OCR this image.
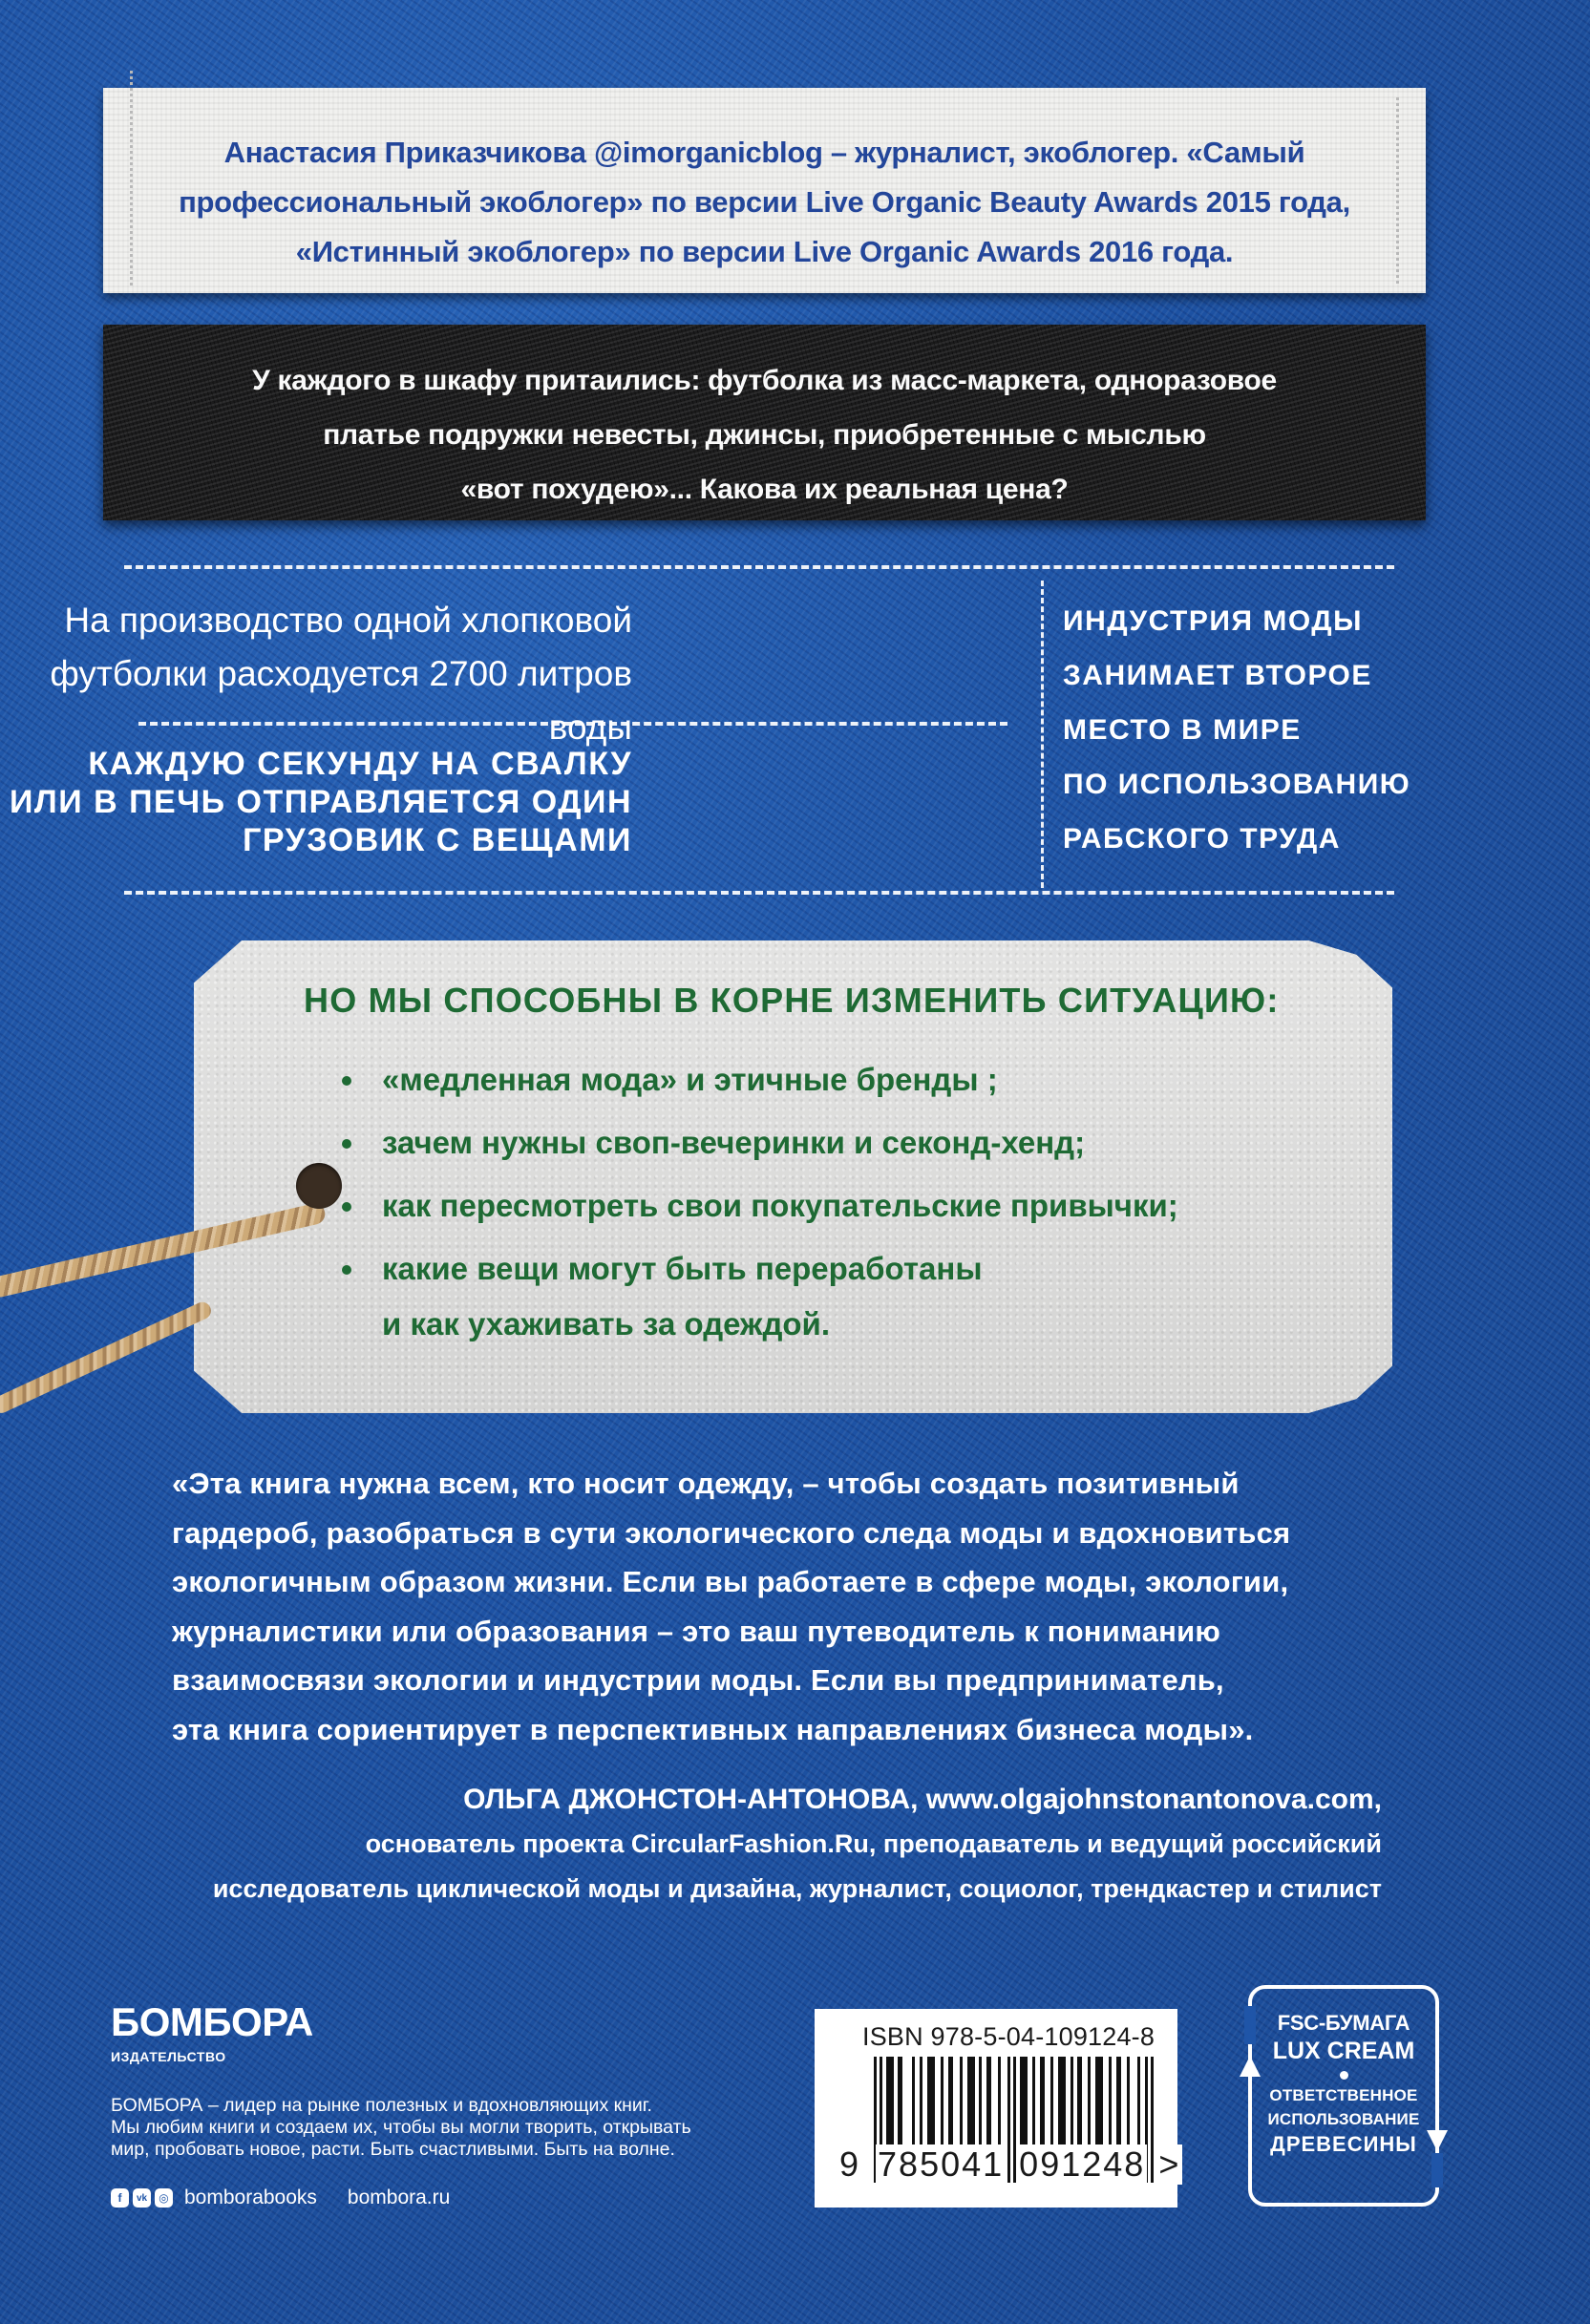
Анастасия Приказчикова @imorganicblog – журналист, экоблогер. «Самый

профессиональный экоблогер» по версии Live Organic Beauty Awards 2015 года,

«Истинный экоблогер» по версии Live Organic Awards 2016 года.

У каждого в шкафу притаились: футболка из масс-маркета, одноразовое

платье подружки невесты, джинсы, приобретенные с мыслью

«вот похудею»... Какова их реальная цена?

На производство одной хлопковой
футболки расходуется 2700 литров воды
КАЖДУЮ СЕКУНДУ НА СВАЛКУ
ИЛИ В ПЕЧЬ ОТПРАВЛЯЕТСЯ ОДИН
ГРУЗОВИК С ВЕЩАМИ
ИНДУСТРИЯ МОДЫ
ЗАНИМАЕТ ВТОРОЕ
МЕСТО В МИРЕ
ПО ИСПОЛЬЗОВАНИЮ
РАБСКОГО ТРУДА
НО МЫ СПОСОБНЫ В КОРНЕ ИЗМЕНИТЬ СИТУАЦИЮ:
«медленная мода» и этичные бренды ;
зачем нужны своп-вечеринки и секонд-хенд;
как пересмотреть свои покупательские привычки;
какие вещи могут быть переработаны
и как ухаживать за одеждой.
«Эта книга нужна всем, кто носит одежду, – чтобы создать позитивный
гардероб, разобраться в сути экологического следа моды и вдохновиться
экологичным образом жизни. Если вы работаете в сфере моды, экологии,
журналистики или образования – это ваш путеводитель к пониманию
взаимосвязи экологии и индустрии моды. Если вы предприниматель,
эта книга сориентирует в перспективных направлениях бизнеса моды».
ОЛЬГА ДЖОНСТОН-АНТОНОВА, www.olgajohnstonantonova.com,
основатель проекта CircularFashion.Ru, преподаватель и ведущий российский
исследователь циклической моды и дизайна, журналист, социолог, трендкастер и стилист
БОМБОРА
ИЗДАТЕЛЬСТВО
БОМБОРА – лидер на рынке полезных и вдохновляющих книг.
Мы любим книги и создаем их, чтобы вы могли творить, открывать
мир, пробовать новое, расти. Быть счастливыми. Быть на волне.
f	vk	◎ bomborabooks bombora.ru
ISBN 978-5-04-109124-8
9 785041 091248 >
FSC-БУМАГА
LUX CREAM
ОТВЕТСТВЕННОЕ
ИСПОЛЬЗОВАНИЕ
ДРЕВЕСИНЫ
